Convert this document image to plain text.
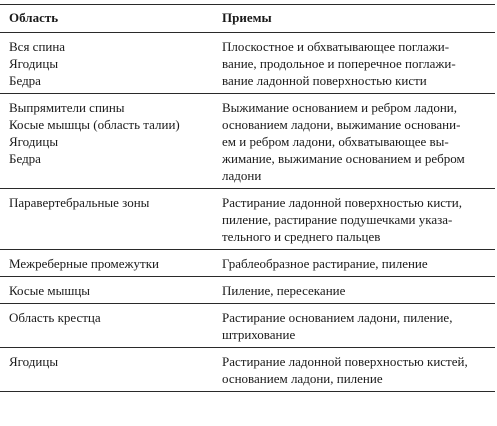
Область	Приемы

Вся спина
Ягодицы
Бедра	Плоскостное и обхватывающее поглажи-
вание, продольное и поперечное поглажи-
вание ладонной поверхностью кисти

Выпрямители спины
Косые мышцы (область талии)
Ягодицы
Бедра	Выжимание основанием и ребром ладони,
основанием ладони, выжимание основани-
ем и ребром ладони, обхватывающее вы-
жимание, выжимание основанием и ребром
ладони

Паравертебральные зоны	Растирание ладонной поверхностью кисти,
пиление, растирание подушечками указа-
тельного и среднего пальцев

Межреберные промежутки	Граблеобразное растирание, пиление

Косые мышцы	Пиление, пересекание

Область крестца	Растирание основанием ладони, пиление,
штрихование

Ягодицы	Растирание ладонной поверхностью кистей,
основанием ладони, пиление
